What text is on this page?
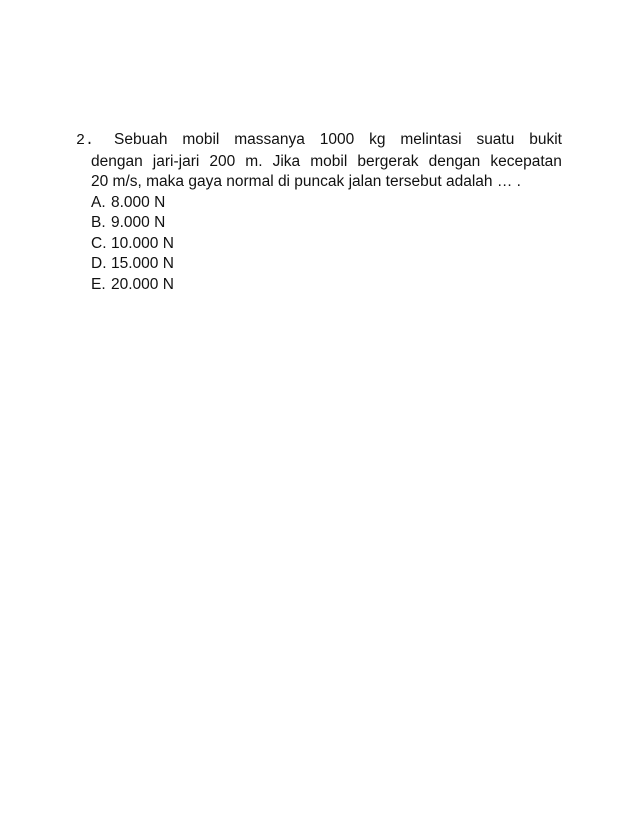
2.	Sebuah mobil massanya 1000 kg melintasi suatu bukit
dengan jari-jari 200 m. Jika mobil bergerak dengan kecepatan
20 m/s, maka gaya normal di puncak jalan tersebut adalah … .
A. 8.000 N
B. 9.000 N
C. 10.000 N
D. 15.000 N
E. 20.000 N
